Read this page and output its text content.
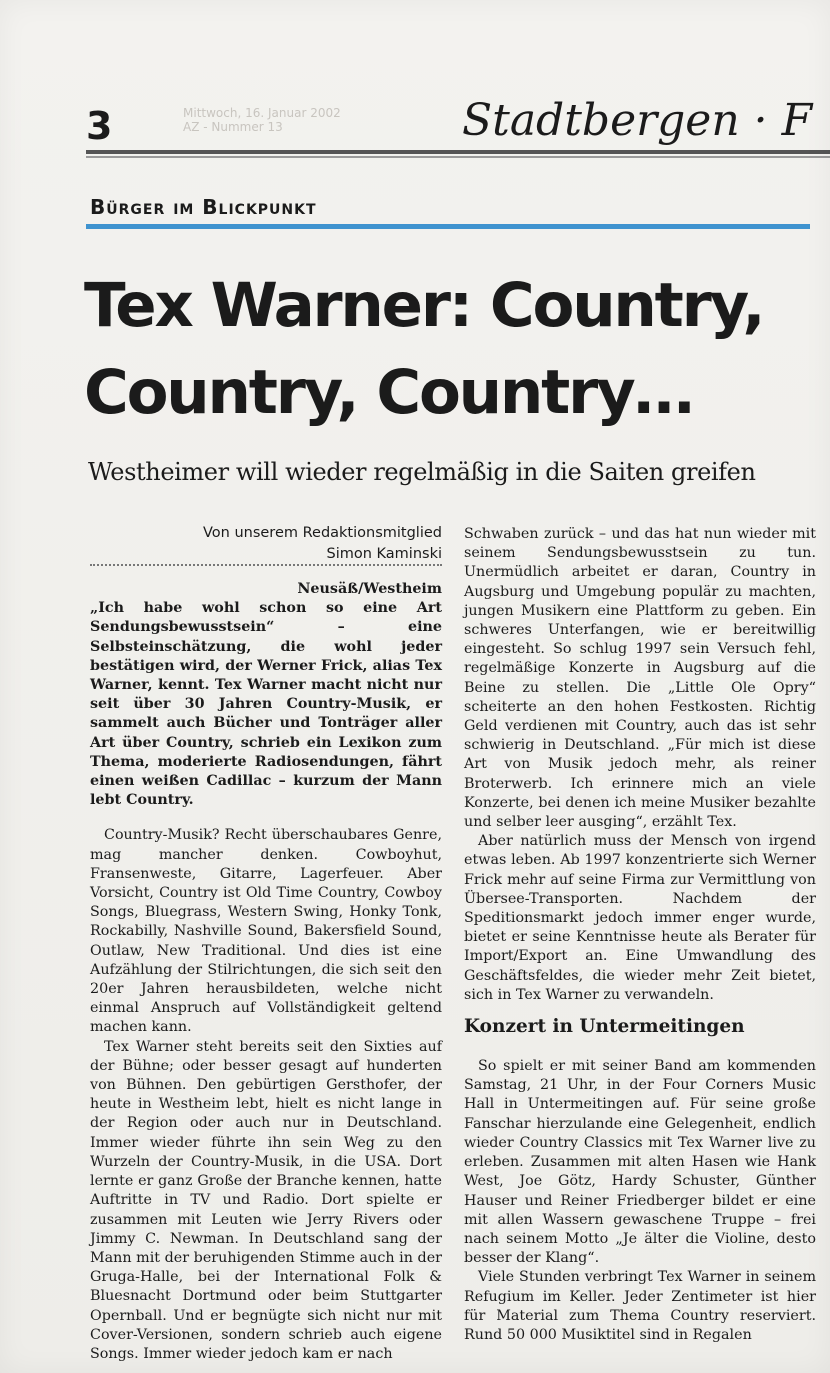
3	Mittwoch, 16. Januar 2002
AZ - Nummer 13	Stadtbergen · F
Bürger im Blickpunkt
Tex Warner: Country,
Country, Country…
Westheimer will wieder regelmäßig in die Saiten greifen
Von unserem Redaktionsmitglied
Simon Kaminski
Neusäß/Westheim
„Ich habe wohl schon so eine Art Sendungsbewusstsein“ – eine Selbsteinschätzung, die wohl jeder bestätigen wird, der Werner Frick, alias Tex Warner, kennt. Tex Warner macht nicht nur seit über 30 Jahren Country-Musik, er sammelt auch Bücher und Tonträger aller Art über Country, schrieb ein Lexikon zum Thema, moderierte Radiosendungen, fährt einen weißen Cadillac – kurzum der Mann lebt Country.

Country-Musik? Recht überschaubares Genre, mag mancher denken. Cowboyhut, Fransenweste, Gitarre, Lagerfeuer. Aber Vorsicht, Country ist Old Time Country, Cowboy Songs, Bluegrass, Western Swing, Honky Tonk, Rockabilly, Nashville Sound, Bakersfield Sound, Outlaw, New Traditional. Und dies ist eine Aufzählung der Stilrichtungen, die sich seit den 20er Jahren herausbildeten, welche nicht einmal Anspruch auf Vollständigkeit geltend machen kann.

Tex Warner steht bereits seit den Sixties auf der Bühne; oder besser gesagt auf hunderten von Bühnen. Den gebürtigen Gersthofer, der heute in Westheim lebt, hielt es nicht lange in der Region oder auch nur in Deutschland. Immer wieder führte ihn sein Weg zu den Wurzeln der Country-Musik, in die USA. Dort lernte er ganz Große der Branche kennen, hatte Auftritte in TV und Radio. Dort spielte er zusammen mit Leuten wie Jerry Rivers oder Jimmy C. Newman. In Deutschland sang der Mann mit der beruhigenden Stimme auch in der Gruga-Halle, bei der International Folk & Bluesnacht Dortmund oder beim Stuttgarter Opernball. Und er begnügte sich nicht nur mit Cover-Versionen, sondern schrieb auch eigene Songs. Immer wieder jedoch kam er nach

Schwaben zurück – und das hat nun wieder mit seinem Sendungsbewusstsein zu tun. Unermüdlich arbeitet er daran, Country in Augsburg und Umgebung populär zu machten, jungen Musikern eine Plattform zu geben. Ein schweres Unterfangen, wie er bereitwillig eingesteht. So schlug 1997 sein Versuch fehl, regelmäßige Konzerte in Augsburg auf die Beine zu stellen. Die „Little Ole Opry“ scheiterte an den hohen Festkosten. Richtig Geld verdienen mit Country, auch das ist sehr schwierig in Deutschland. „Für mich ist diese Art von Musik jedoch mehr, als reiner Broterwerb. Ich erinnere mich an viele Konzerte, bei denen ich meine Musiker bezahlte und selber leer ausging“, erzählt Tex.

Aber natürlich muss der Mensch von irgend etwas leben. Ab 1997 konzentrierte sich Werner Frick mehr auf seine Firma zur Vermittlung von Übersee-Transporten. Nachdem der Speditionsmarkt jedoch immer enger wurde, bietet er seine Kenntnisse heute als Berater für Import/Export an. Eine Umwandlung des Geschäftsfeldes, die wieder mehr Zeit bietet, sich in Tex Warner zu verwandeln.

Konzert in Untermeitingen

So spielt er mit seiner Band am kommenden Samstag, 21 Uhr, in der Four Corners Music Hall in Untermeitingen auf. Für seine große Fanschar hierzulande eine Gelegenheit, endlich wieder Country Classics mit Tex Warner live zu erleben. Zusammen mit alten Hasen wie Hank West, Joe Götz, Hardy Schuster, Günther Hauser und Reiner Friedberger bildet er eine mit allen Wassern gewaschene Truppe – frei nach seinem Motto „Je älter die Violine, desto besser der Klang“.

Viele Stunden verbringt Tex Warner in seinem Refugium im Keller. Jeder Zentimeter ist hier für Material zum Thema Country reserviert. Rund 50 000 Musiktitel sind in Regalen
